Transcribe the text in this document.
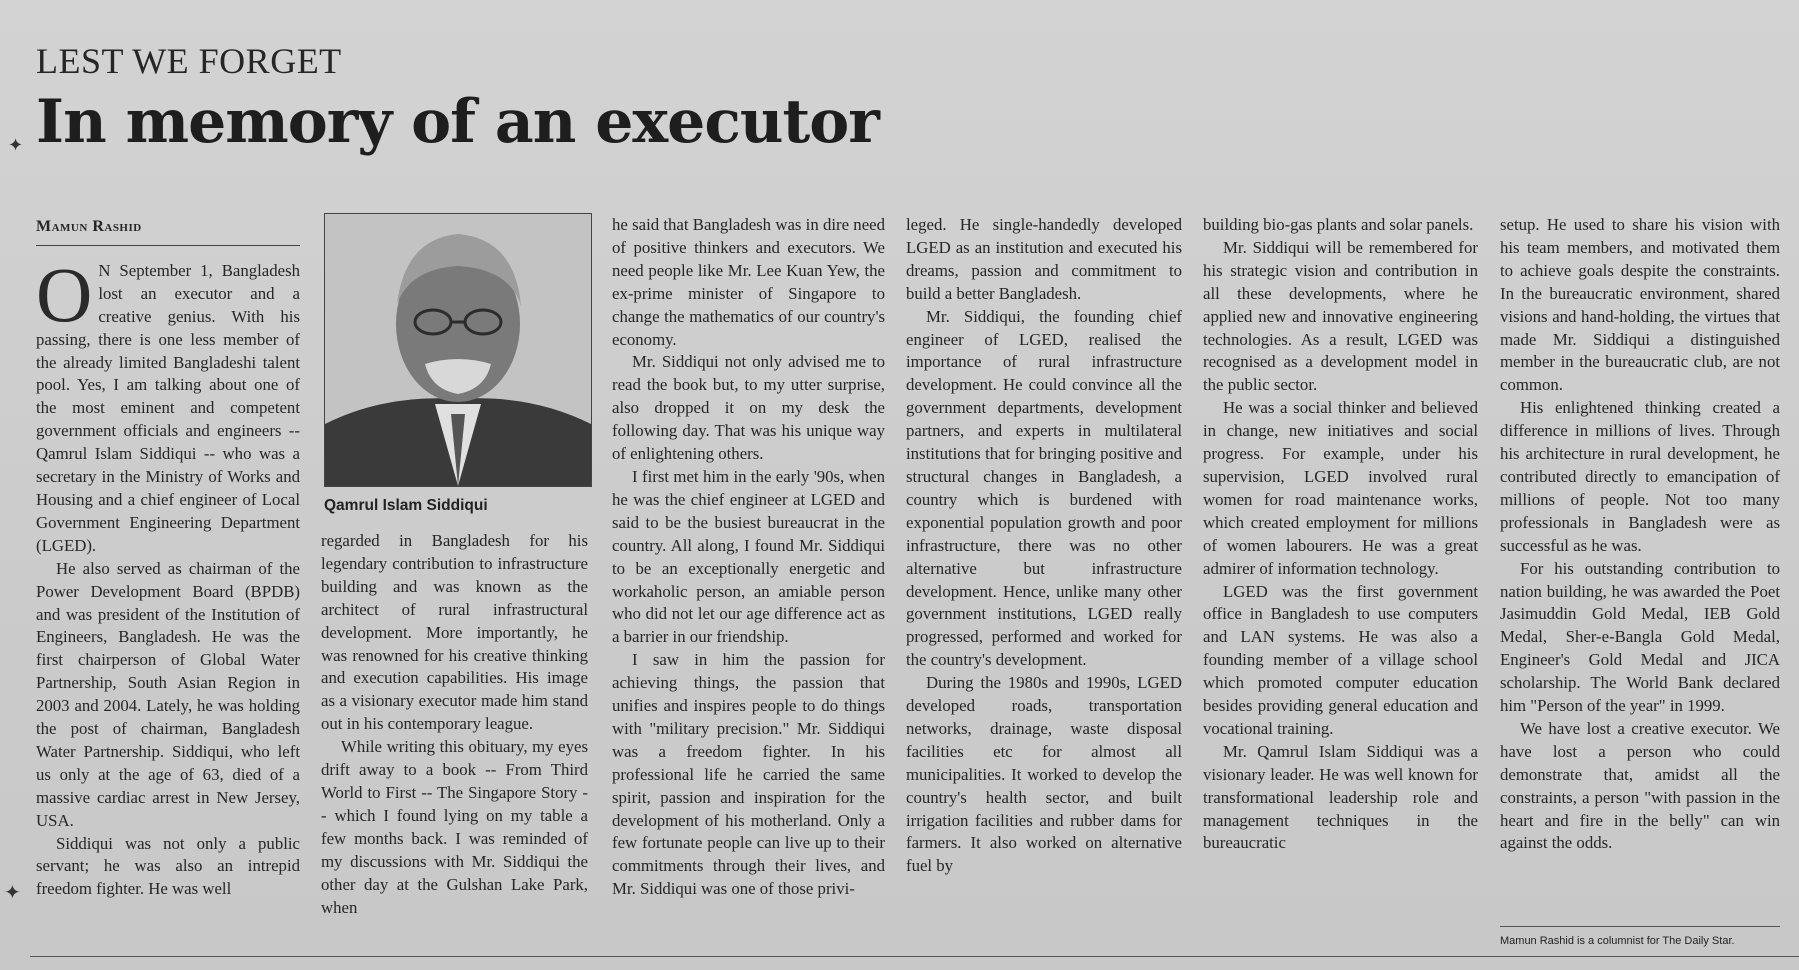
LEST WE FORGET
✦ In memory of an executor
Mamun Rashid
O N September 1, Bangladesh lost an executor and a creative genius. With his passing, there is one less member of the already limited Bangladeshi talent pool. Yes, I am talking about one of the most eminent and competent government officials and engineers -- Qamrul Islam Siddiqui -- who was a secretary in the Ministry of Works and Housing and a chief engineer of Local Government Engineering Department (LGED).

He also served as chairman of the Power Development Board (BPDB) and was president of the Institution of Engineers, Bangladesh. He was the first chairperson of Global Water Partnership, South Asian Region in 2003 and 2004. Lately, he was holding the post of chairman, Bangladesh Water Partnership. Siddiqui, who left us only at the age of 63, died of a massive cardiac arrest in New Jersey, USA.

Siddiqui was not only a public servant; he was also an intrepid freedom fighter. He was well

Qamrul Islam Siddiqui

regarded in Bangladesh for his legendary contribution to infrastructure building and was known as the architect of rural infrastructural development. More importantly, he was renowned for his creative thinking and execution capabilities. His image as a visionary executor made him stand out in his contemporary league.

While writing this obituary, my eyes drift away to a book -- From Third World to First -- The Singapore Story -- which I found lying on my table a few months back. I was reminded of my discussions with Mr. Siddiqui the other day at the Gulshan Lake Park, when

he said that Bangladesh was in dire need of positive thinkers and executors. We need people like Mr. Lee Kuan Yew, the ex-prime minister of Singapore to change the mathematics of our country's economy.

Mr. Siddiqui not only advised me to read the book but, to my utter surprise, also dropped it on my desk the following day. That was his unique way of enlightening others.

I first met him in the early '90s, when he was the chief engineer at LGED and said to be the busiest bureaucrat in the country. All along, I found Mr. Siddiqui to be an exceptionally energetic and workaholic person, an amiable person who did not let our age difference act as a barrier in our friendship.

I saw in him the passion for achieving things, the passion that unifies and inspires people to do things with "military precision." Mr. Siddiqui was a freedom fighter. In his professional life he carried the same spirit, passion and inspiration for the development of his motherland. Only a few fortunate people can live up to their commitments through their lives, and Mr. Siddiqui was one of those privi-

leged. He single-handedly developed LGED as an institution and executed his dreams, passion and commitment to build a better Bangladesh.

Mr. Siddiqui, the founding chief engineer of LGED, realised the importance of rural infrastructure development. He could convince all the government departments, development partners, and experts in multilateral institutions that for bringing positive and structural changes in Bangladesh, a country which is burdened with exponential population growth and poor infrastructure, there was no other alternative but infrastructure development. Hence, unlike many other government institutions, LGED really progressed, performed and worked for the country's development.

During the 1980s and 1990s, LGED developed roads, transportation networks, drainage, waste disposal facilities etc for almost all municipalities. It worked to develop the country's health sector, and built irrigation facilities and rubber dams for farmers. It also worked on alternative fuel by

building bio-gas plants and solar panels.

Mr. Siddiqui will be remembered for his strategic vision and contribution in all these developments, where he applied new and innovative engineering technologies. As a result, LGED was recognised as a development model in the public sector.

He was a social thinker and believed in change, new initiatives and social progress. For example, under his supervision, LGED involved rural women for road maintenance works, which created employment for millions of women labourers. He was a great admirer of information technology.

LGED was the first government office in Bangladesh to use computers and LAN systems. He was also a founding member of a village school which promoted computer education besides providing general education and vocational training.

Mr. Qamrul Islam Siddiqui was a visionary leader. He was well known for transformational leadership role and management techniques in the bureaucratic

setup. He used to share his vision with his team members, and motivated them to achieve goals despite the constraints. In the bureaucratic environment, shared visions and hand-holding, the virtues that made Mr. Siddiqui a distinguished member in the bureaucratic club, are not common.

His enlightened thinking created a difference in millions of lives. Through his architecture in rural development, he contributed directly to emancipation of millions of people. Not too many professionals in Bangladesh were as successful as he was.

For his outstanding contribution to nation building, he was awarded the Poet Jasimuddin Gold Medal, IEB Gold Medal, Sher-e-Bangla Gold Medal, Engineer's Gold Medal and JICA scholarship. The World Bank declared him "Person of the year" in 1999.

We have lost a creative executor. We have lost a person who could demonstrate that, amidst all the constraints, a person "with passion in the heart and fire in the belly" can win against the odds.

Mamun Rashid is a columnist for The Daily Star.
✦
